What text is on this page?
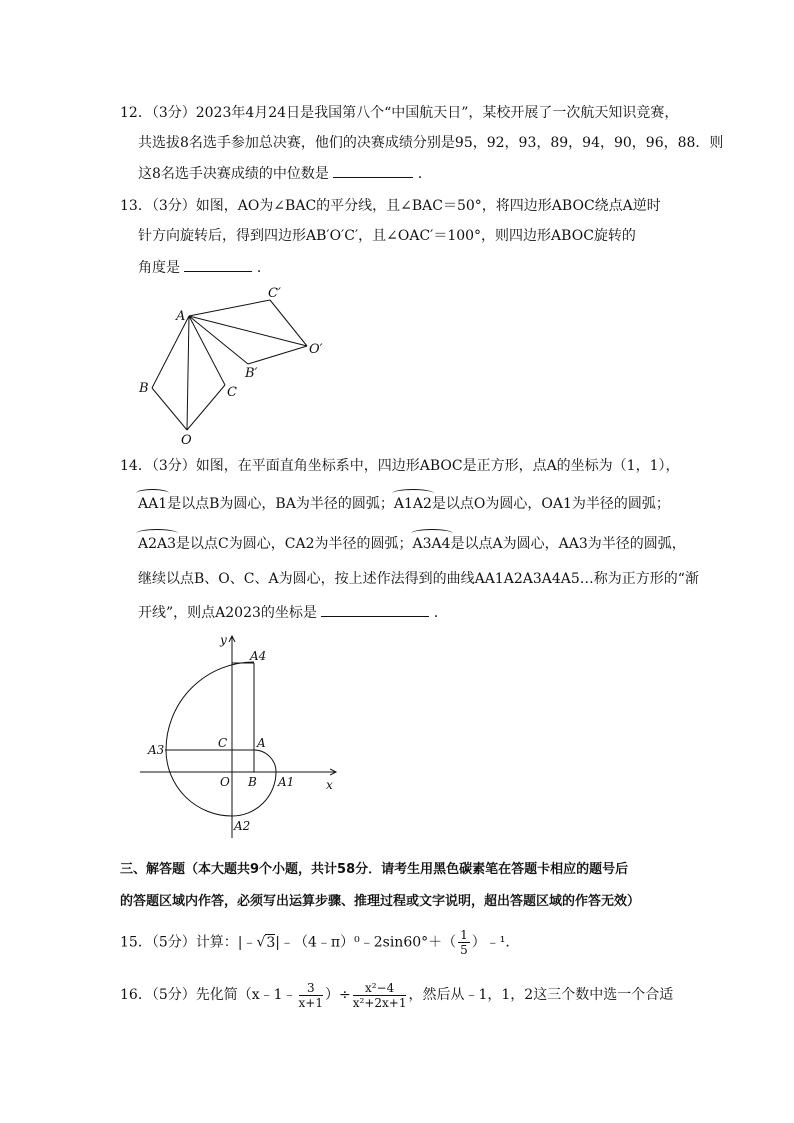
12．（3分）2023年4月24日是我国第八个“中国航天日”，某校开展了一次航天知识竞赛，
共选拔8名选手参加总决赛，他们的决赛成绩分别是95，92，93，89，94，90，96，88．则
这8名选手决赛成绩的中位数是	．
13．（3分）如图，AO为∠BAC的平分线，且∠BAC＝50°，将四边形ABOC绕点A逆时
针方向旋转后，得到四边形AB′O′C′，且∠OAC′＝100°，则四边形ABOC旋转的
角度是	．
A
B	C
O
C′
O′
B′
14．（3分）如图，在平面直角坐标系中，四边形ABOC是正方形，点A的坐标为（1，1），
AA1是以点B为圆心，BA为半径的圆弧；A1A2是以点O为圆心，OA1为半径的圆弧；
A2A3是以点C为圆心，CA2为半径的圆弧；A3A4是以点A为圆心，AA3为半径的圆弧，
继续以点B、O、C、A为圆心，按上述作法得到的曲线AA1A2A3A4A5…称为正方形的“渐
开线”，则点A2023的坐标是	．
y
x
A4
C A
A3
O B A1
A2
三、解答题（本大题共9个小题，共计58分．请考生用黑色碳素笔在答题卡相应的题号后
的答题区域内作答，必须写出运算步骤、推理过程或文字说明，超出答题区域的作答无效）
15．（5分）计算：|﹣√3|﹣（4﹣π）⁰﹣2sin60°＋（ $\frac{1}{5}$ ）﹣¹．
16．（5分）先化简（x﹣1﹣ $\frac{3}{x+1}$ ）÷ $\frac{\text{x²−4}}{\text{x²+2x+1}}$ ，然后从﹣1，1，2这三个数中选一个合适
